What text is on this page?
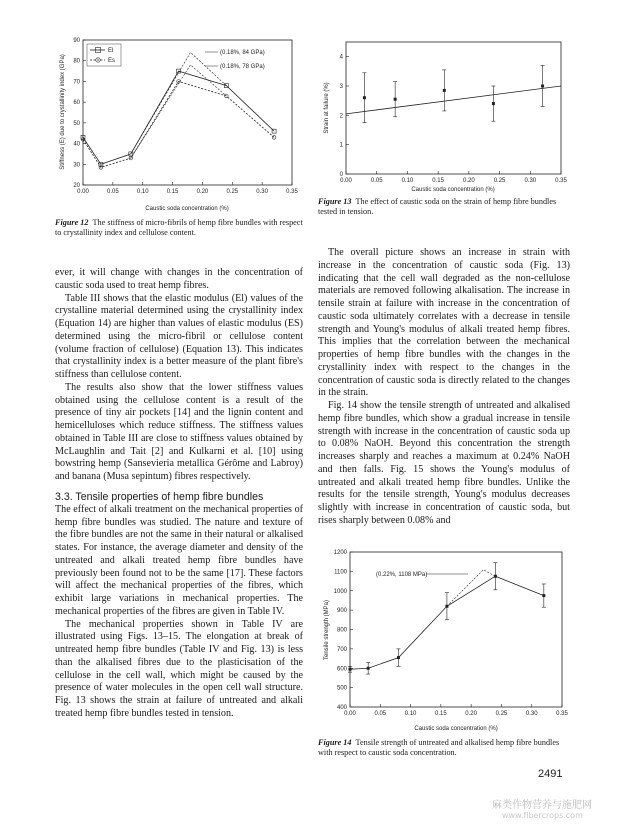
20
30
40
50
60
70
80
90
0.00	0.05	0.10	0.15	0.20	0.25	0.30	0.35
Stiffness (E) due to crystallinity index (GPa)
Caustic soda concentration (%)
El
Es
(0.18%, 84 GPa)
(0.18%, 78 GPa)
Figure 12 The stiffness of micro-fibrils of hemp fibre bundles with respect to crystallinity index and cellulose content.
0
1
2
3
4
0.00	0.05	0.10	0.15	0.20	0.25	0.30	0.35
Strain at failure (%)
Caustic soda concentration (%)
Figure 13 The effect of caustic soda on the strain of hemp fibre bundles tested in tension.

ever, it will change with changes in the concentration of caustic soda used to treat hemp fibres.

Table III shows that the elastic modulus (El) values of the crystalline material determined using the crystallinity index (Equation 14) are higher than values of elastic modulus (ES) determined using the micro-fibril or cellulose content (volume fraction of cellulose) (Equation 13). This indicates that crystallinity index is a better measure of the plant fibre's stiffness than cellulose content.

The results also show that the lower stiffness values obtained using the cellulose content is a result of the presence of tiny air pockets [14] and the lignin content and hemicelluloses which reduce stiffness. The stiffness values obtained in Table III are close to stiffness values obtained by McLaughlin and Tait [2] and Kulkarni et al. [10] using bowstring hemp (Sansevieria metallica Gérôme and Labroy) and banana (Musa sepintum) fibres respectively.

3.3. Tensile properties of hemp fibre bundles

The effect of alkali treatment on the mechanical properties of hemp fibre bundles was studied. The nature and texture of the fibre bundles are not the same in their natural or alkalised states. For instance, the average diameter and density of the untreated and alkali treated hemp fibre bundles have previously been found not to be the same [17]. These factors will affect the mechanical properties of the fibres, which exhibit large variations in mechanical properties. The mechanical properties of the fibres are given in Table IV.

The mechanical properties shown in Table IV are illustrated using Figs. 13–15. The elongation at break of untreated hemp fibre bundles (Table IV and Fig. 13) is less than the alkalised fibres due to the plasticisation of the cellulose in the cell wall, which might be caused by the presence of water molecules in the open cell wall structure. Fig. 13 shows the strain at failure of untreated and alkali treated hemp fibre bundles tested in tension.

The overall picture shows an increase in strain with increase in the concentration of caustic soda (Fig. 13) indicating that the cell wall degraded as the non-cellulose materials are removed following alkalisation. The increase in tensile strain at failure with increase in the concentration of caustic soda ultimately correlates with a decrease in tensile strength and Young's modulus of alkali treated hemp fibres. This implies that the correlation between the mechanical properties of hemp fibre bundles with the changes in the crystallinity index with respect to the changes in the concentration of caustic soda is directly related to the changes in the strain.

Fig. 14 show the tensile strength of untreated and alkalised hemp fibre bundles, which show a gradual increase in tensile strength with increase in the concentration of caustic soda up to 0.08% NaOH. Beyond this concentration the strength increases sharply and reaches a maximum at 0.24% NaOH and then falls. Fig. 15 shows the Young's modulus of untreated and alkali treated hemp fibre bundles. Unlike the results for the tensile strength, Young's modulus decreases slightly with increase in concentration of caustic soda, but rises sharply between 0.08% and

400
500
600
700
800
900
1000
1100
1200
0.00	0.05	0.10	0.15	0.20	0.25	0.30	0.35
Tensile strength (MPa)
Caustic soda concentration (%)
(0.22%, 1108 MPa)
Figure 14 Tensile strength of untreated and alkalised hemp fibre bundles with respect to caustic soda concentration.
2491
麻类作物营养与施肥网
www.fibercrops.com
